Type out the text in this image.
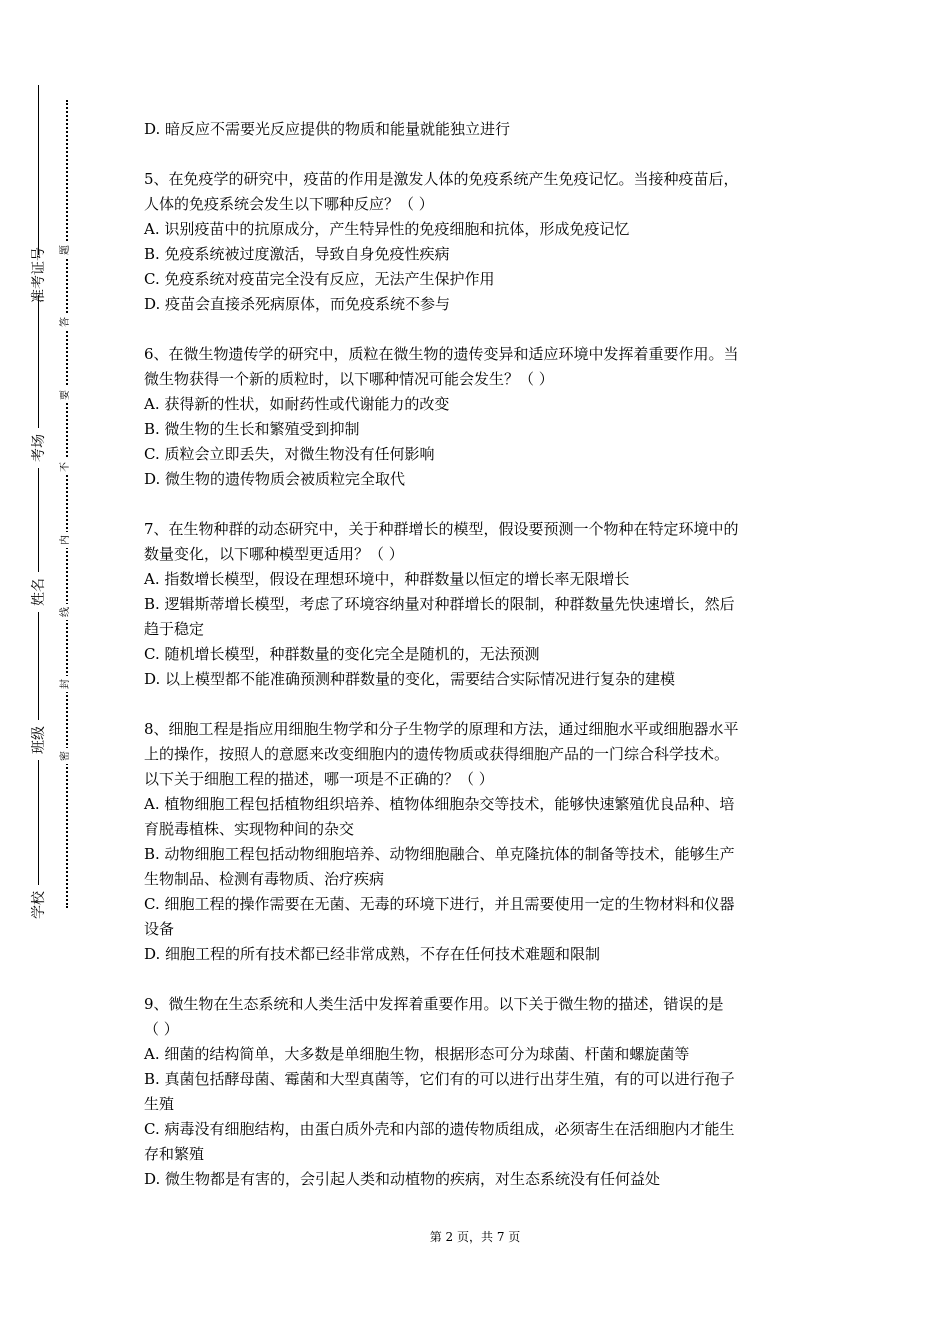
准考证号
考场
姓名
班级
学校
题
答
要
不
内
线
封
密
D. 暗反应不需要光反应提供的物质和能量就能独立进行
5、在免疫学的研究中，疫苗的作用是激发人体的免疫系统产生免疫记忆。当接种疫苗后，
人体的免疫系统会发生以下哪种反应？（ ）
A. 识别疫苗中的抗原成分，产生特异性的免疫细胞和抗体，形成免疫记忆
B. 免疫系统被过度激活，导致自身免疫性疾病
C. 免疫系统对疫苗完全没有反应，无法产生保护作用
D. 疫苗会直接杀死病原体，而免疫系统不参与
6、在微生物遗传学的研究中，质粒在微生物的遗传变异和适应环境中发挥着重要作用。当
微生物获得一个新的质粒时，以下哪种情况可能会发生？（ ）
A. 获得新的性状，如耐药性或代谢能力的改变
B. 微生物的生长和繁殖受到抑制
C. 质粒会立即丢失，对微生物没有任何影响
D. 微生物的遗传物质会被质粒完全取代
7、在生物种群的动态研究中，关于种群增长的模型，假设要预测一个物种在特定环境中的
数量变化，以下哪种模型更适用？（ ）
A. 指数增长模型，假设在理想环境中，种群数量以恒定的增长率无限增长
B. 逻辑斯蒂增长模型，考虑了环境容纳量对种群增长的限制，种群数量先快速增长，然后
趋于稳定
C. 随机增长模型，种群数量的变化完全是随机的，无法预测
D. 以上模型都不能准确预测种群数量的变化，需要结合实际情况进行复杂的建模
8、细胞工程是指应用细胞生物学和分子生物学的原理和方法，通过细胞水平或细胞器水平
上的操作，按照人的意愿来改变细胞内的遗传物质或获得细胞产品的一门综合科学技术。
以下关于细胞工程的描述，哪一项是不正确的？（ ）
A. 植物细胞工程包括植物组织培养、植物体细胞杂交等技术，能够快速繁殖优良品种、培
育脱毒植株、实现物种间的杂交
B. 动物细胞工程包括动物细胞培养、动物细胞融合、单克隆抗体的制备等技术，能够生产
生物制品、检测有毒物质、治疗疾病
C. 细胞工程的操作需要在无菌、无毒的环境下进行，并且需要使用一定的生物材料和仪器
设备
D. 细胞工程的所有技术都已经非常成熟，不存在任何技术难题和限制
9、微生物在生态系统和人类生活中发挥着重要作用。以下关于微生物的描述，错误的是
（ ）
A. 细菌的结构简单，大多数是单细胞生物，根据形态可分为球菌、杆菌和螺旋菌等
B. 真菌包括酵母菌、霉菌和大型真菌等，它们有的可以进行出芽生殖，有的可以进行孢子
生殖
C. 病毒没有细胞结构，由蛋白质外壳和内部的遗传物质组成，必须寄生在活细胞内才能生
存和繁殖
D. 微生物都是有害的，会引起人类和动植物的疾病，对生态系统没有任何益处
第 2 页，共 7 页
